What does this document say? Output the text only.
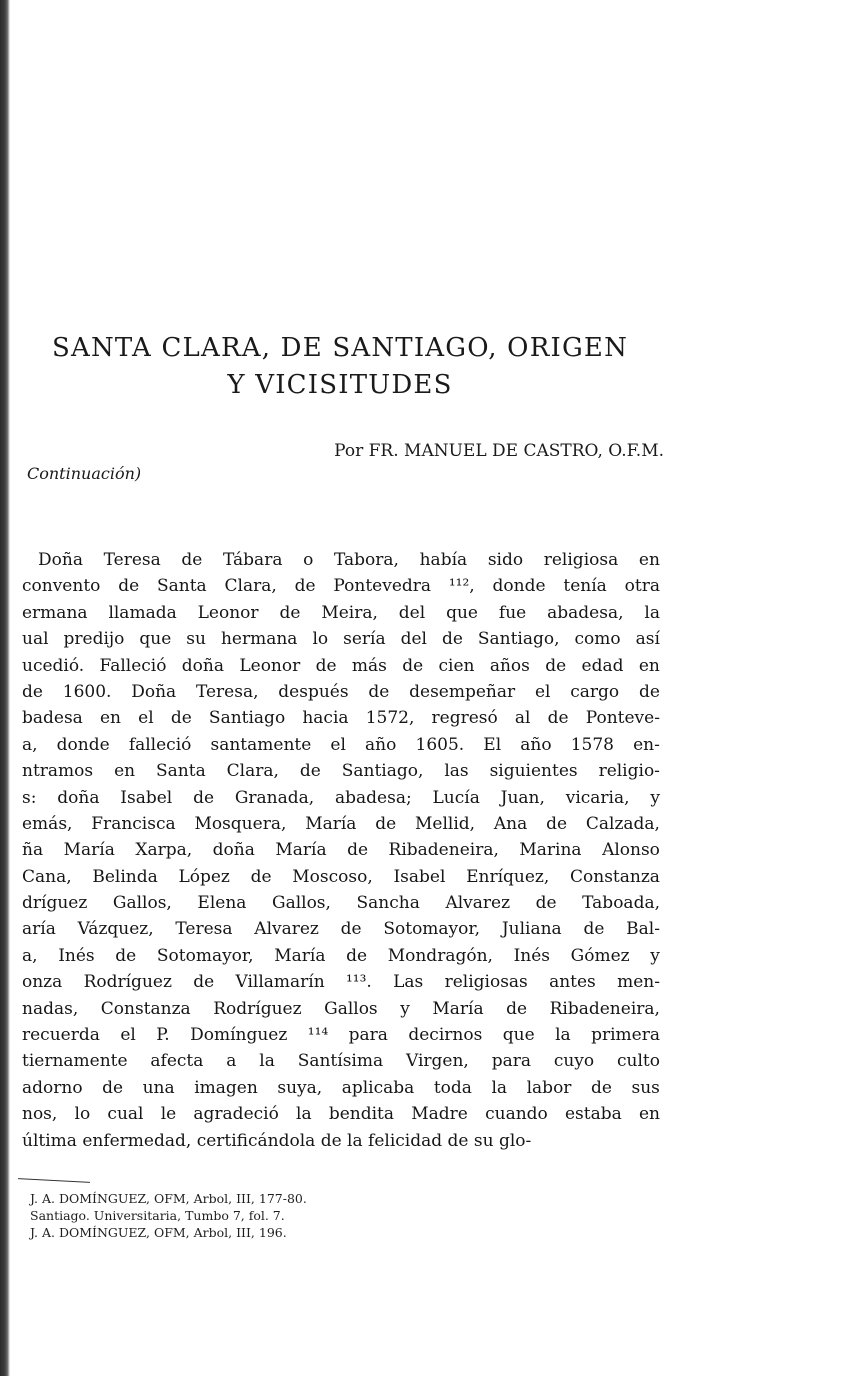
SANTA CLARA, DE SANTIAGO, ORIGEN
Y VICISITUDES
Por FR. MANUEL DE CASTRO, O.F.M.
Continuación)
Doña Teresa de Tábara o Tabora, había sido religiosa en
convento de Santa Clara, de Pontevedra ¹¹², donde tenía otra
ermana llamada Leonor de Meira, del que fue abadesa, la
ual predijo que su hermana lo sería del de Santiago, como así
ucedió. Falleció doña Leonor de más de cien años de edad en
de 1600. Doña Teresa, después de desempeñar el cargo de
badesa en el de Santiago hacia 1572, regresó al de Ponteve-
a, donde falleció santamente el año 1605. El año 1578 en-
ntramos en Santa Clara, de Santiago, las siguientes religio-
s: doña Isabel de Granada, abadesa; Lucía Juan, vicaria, y
emás, Francisca Mosquera, María de Mellid, Ana de Calzada,
ña María Xarpa, doña María de Ribadeneira, Marina Alonso
Cana, Belinda López de Moscoso, Isabel Enríquez, Constanza
dríguez Gallos, Elena Gallos, Sancha Alvarez de Taboada,
aría Vázquez, Teresa Alvarez de Sotomayor, Juliana de Bal-
a, Inés de Sotomayor, María de Mondragón, Inés Gómez y
onza Rodríguez de Villamarín ¹¹³. Las religiosas antes men-
nadas, Constanza Rodríguez Gallos y María de Ribadeneira,
recuerda el P. Domínguez ¹¹⁴ para decirnos que la primera
tiernamente afecta a la Santísima Virgen, para cuyo culto
adorno de una imagen suya, aplicaba toda la labor de sus
nos, lo cual le agradeció la bendita Madre cuando estaba en
última enfermedad, certificándola de la felicidad de su glo-
J. A. DOMÍNGUEZ, OFM, Arbol, III, 177-80.
Santiago. Universitaria, Tumbo 7, fol. 7.
J. A. DOMÍNGUEZ, OFM, Arbol, III, 196.
